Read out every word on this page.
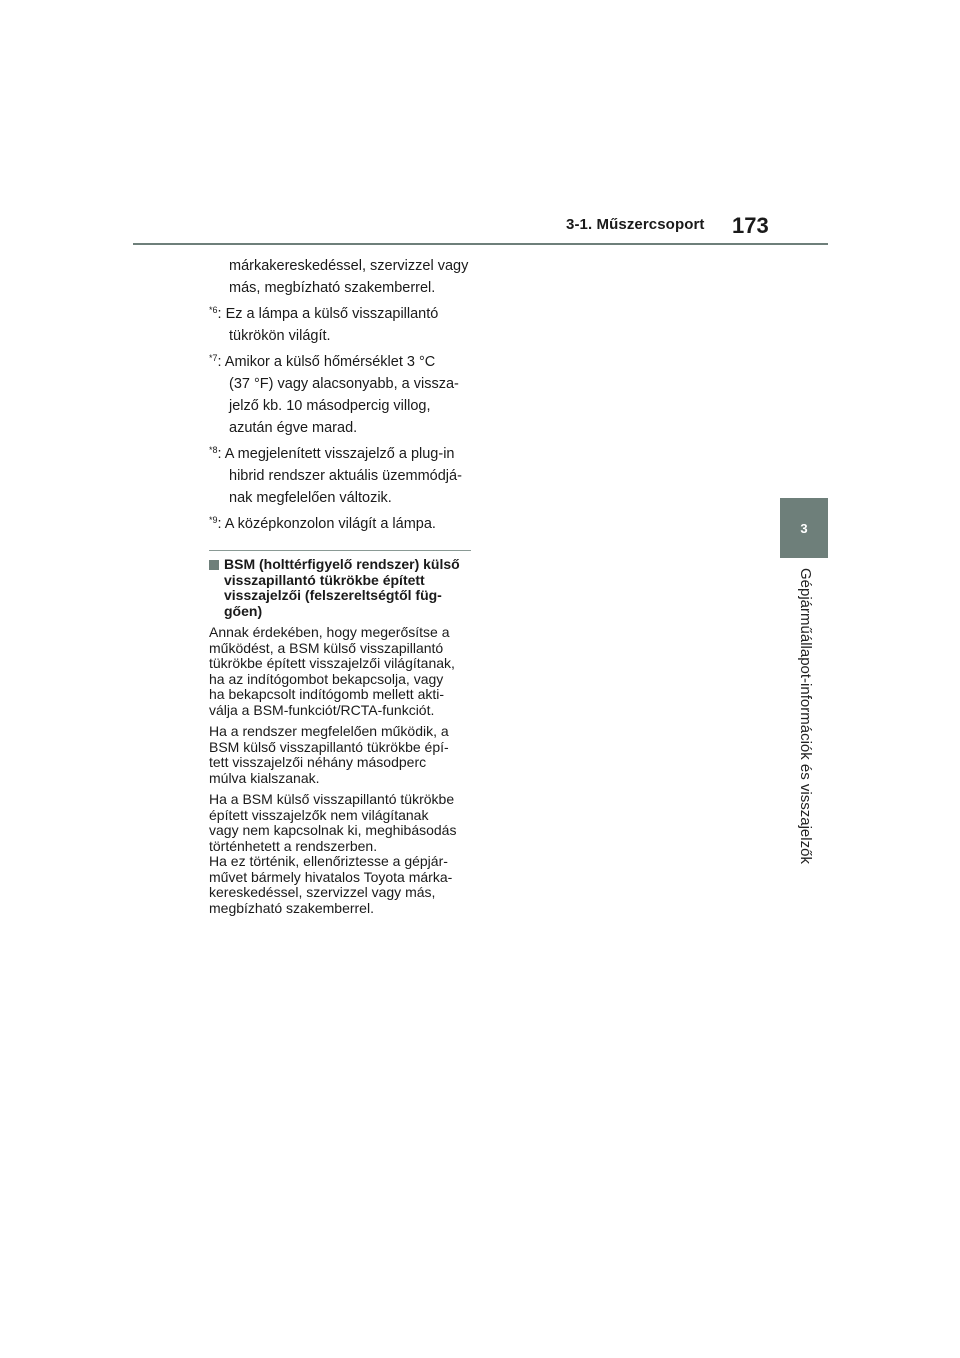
3-1. Műszercsoport 173
3
Gépjárműállapot-információk és visszajelzők
márkakereskedéssel, szervizzel vagy
más, megbízható szakemberrel.
$^{*6}$: Ez a lámpa a külső visszapillantó
tükrökön világít.
$^{*7}$: Amikor a külső hőmérséklet 3 °C
(37 °F) vagy alacsonyabb, a vissza-
jelző kb. 10 másodpercig villog,
azután égve marad.
$^{*8}$: A megjelenített visszajelző a plug-in
hibrid rendszer aktuális üzemmódjá-
nak megfelelően változik.
$^{*9}$: A középkonzolon világít a lámpa.
BSM (holttérfigyelő rendszer) külső
visszapillantó tükrökbe épített
visszajelzői (felszereltségtől füg-
gően)
Annak érdekében, hogy megerősítse a
működést, a BSM külső visszapillantó
tükrökbe épített visszajelzői világítanak,
ha az indítógombot bekapcsolja, vagy
ha bekapcsolt indítógomb mellett akti-
válja a BSM-funkciót/RCTA-funkciót.
Ha a rendszer megfelelően működik, a
BSM külső visszapillantó tükrökbe épí-
tett visszajelzői néhány másodperc
múlva kialszanak.
Ha a BSM külső visszapillantó tükrökbe
épített visszajelzők nem világítanak
vagy nem kapcsolnak ki, meghibásodás
történhetett a rendszerben.
Ha ez történik, ellenőriztesse a gépjár-
művet bármely hivatalos Toyota márka-
kereskedéssel, szervizzel vagy más,
megbízható szakemberrel.
